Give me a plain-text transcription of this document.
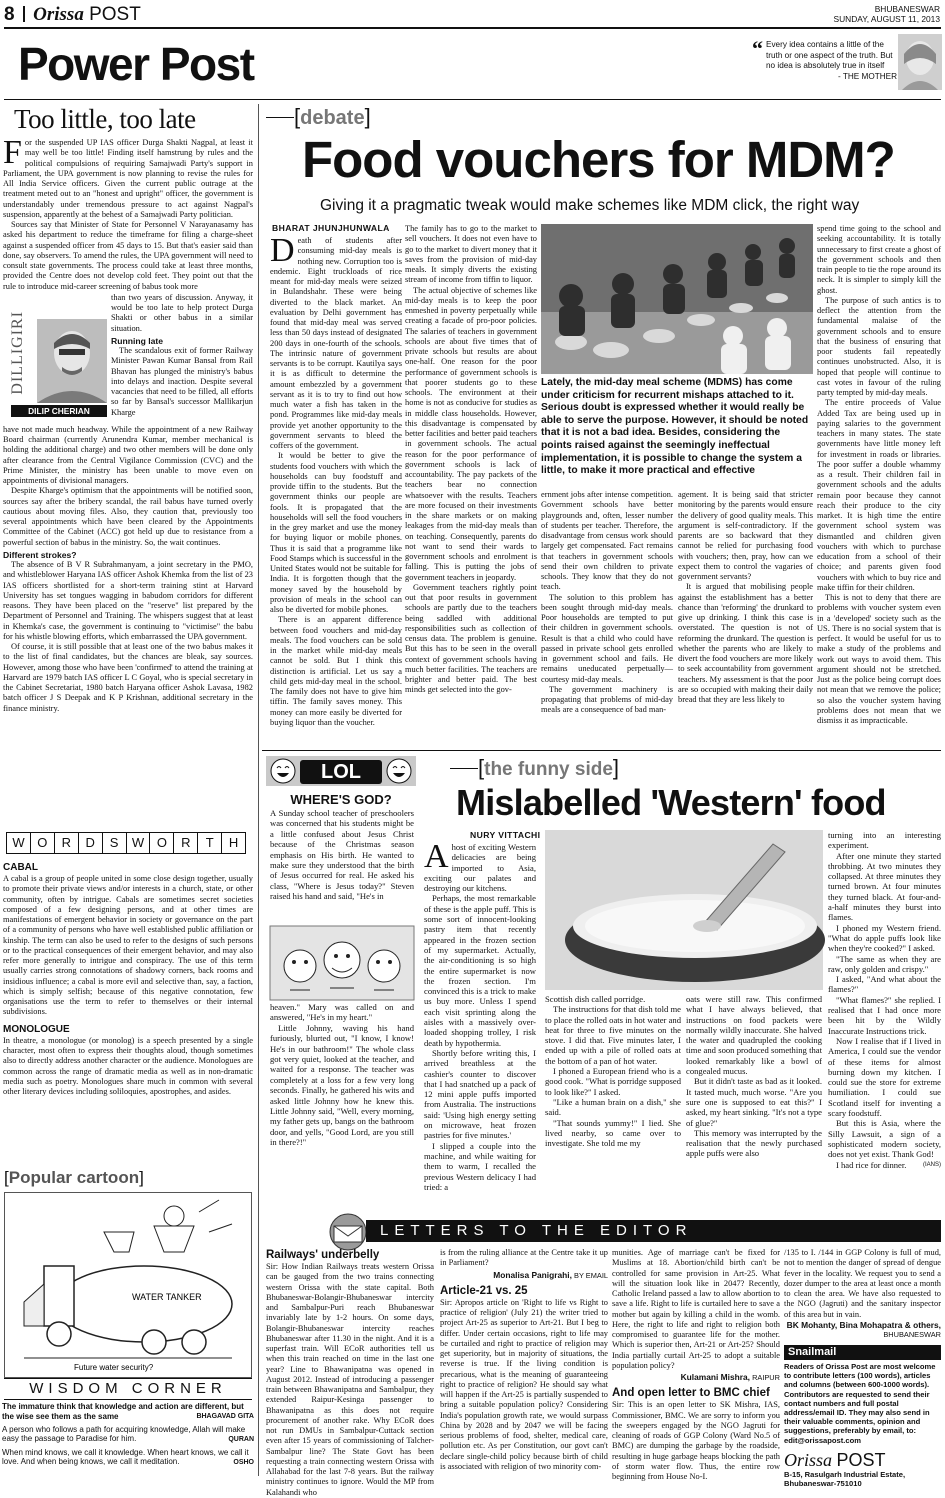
8 Orissa POST	BHUBANESWAR
SUNDAY, AUGUST 11, 2013
Power Post	“ Every idea contains a little of the truth or one aspect of the truth. But no idea is absolutely true in itself
- THE MOTHER
Too little, too late

For the suspended UP IAS officer Durga Shakti Nagpal, at least it may well be too little! Finding itself hamstrung by rules and the political compulsions of requiring Samajwadi Party's support in Parliament, the UPA government is now planning to revise the rules for All India Service officers. Given the current public outrage at the treatment meted out to an "honest and upright" officer, the government is understandably under tremendous pressure to act against Nagpal's suspension, apparently at the behest of a Samajwadi Party politician.

Sources say that Minister of State for Personnel V Narayanasamy has asked his department to reduce the timeframe for filing a charge-sheet against a suspended officer from 45 days to 15. But that's easier said than done, say observers. To amend the rules, the UPA government will need to consult state governments. The process could take at least three months, provided the Centre does not develop cold feet. They point out that the rule to introduce mid-career screening of babus took more

DILLIGIRI
DILIP CHERIAN

than two years of discussion. Anyway, it would be too late to help protect Durga Shakti or other babus in a similar situation.

Running late

The scandalous exit of former Railway Minister Pawan Kumar Bansal from Rail Bhavan has plunged the ministry's babus into delays and inaction. Despite several vacancies that need to be filled, all efforts so far by Bansal's successor Mallikarjun Kharge

have not made much headway. While the appointment of a new Railway Board chairman (currently Arunendra Kumar, member mechanical is holding the additional charge) and two other members will be done only after clearance from the Central Vigilance Commission (CVC) and the Prime Minister, the ministry has been unable to move even on appointments of divisional managers.

Despite Kharge's optimism that the appointments will be notified soon, sources say after the bribery scandal, the rail babus have turned overly cautious about moving files. Also, they caution that, previously too several appointments which have been cleared by the Appointments Committee of the Cabinet (ACC) got held up due to resistance from a powerful section of babus in the ministry. So, the wait continues.

Different strokes?

The absence of B V R Subrahmanyam, a joint secretary in the PMO, and whistleblower Haryana IAS officer Ashok Khemka from the list of 23 IAS officers shortlisted for a short-term training stint at Harvard University has set tongues wagging in babudom corridors for different reasons. They have been placed on the "reserve" list prepared by the Department of Personnel and Training. The whispers suggest that at least in Khemka's case, the government is continuing to "victimise" the babu for his whistle blowing efforts, which embarrassed the UPA government.

Of course, it is still possible that at least one of the two babus makes it to the list of final candidates, but the chances are bleak, say sources. However, among those who have been 'confirmed' to attend the training at Harvard are 1979 batch IAS officer L C Goyal, who is special secretary in the Cabinet Secretariat, 1980 batch Haryana officer Ashok Lavasa, 1982 batch officer J S Deepak and K P Krishnan, additional secretary in the finance ministry.

W O	R	D	S	W O	R	T	H
CABAL

A cabal is a group of people united in some close design together, usually to promote their private views and/or interests in a church, state, or other community, often by intrigue. Cabals are sometimes secret societies composed of a few designing persons, and at other times are manifestations of emergent behavior in society or governance on the part of a community of persons who have well established public affiliation or kinship. The term can also be used to refer to the designs of such persons or to the practical consequences of their emergent behavior, and may also refer more generally to intrigue and conspiracy. The use of this term usually carries strong connotations of shadowy corners, back rooms and insidious influence; a cabal is more evil and selective than, say, a faction, which is simply selfish; because of this negative connotation, few organisations use the term to refer to themselves or their internal subdivisions.

MONOLOGUE

In theatre, a monologue (or monolog) is a speech presented by a single character, most often to express their thoughts aloud, though sometimes also to directly address another character or the audience. Monologues are common across the range of dramatic media as well as in non-dramatic media such as poetry. Monologues share much in common with several other literary devices including soliloquies, apostrophes, and asides.

[Popular cartoon]
WATER TANKER
Future water security?
WISDOM CORNER
The immature think that knowledge and action are different, but the wise see them as the same	BHAGAVAD GITA
A person who follows a path for acquiring knowledge, Allah will make easy the passage to Paradise for him.	QURAN
When mind knows, we call it knowledge. When heart knows, we call it love. And when being knows, we call it meditation.	OSHO
[debate]
Food vouchers for MDM?
Giving it a pragmatic tweak would make schemes like MDM click, the right way
BHARAT JHUNJHUNWALA

Death of students after consuming mid-day meals is nothing new. Corruption too is endemic. Eight truckloads of rice meant for mid-day meals were seized in Bulandshahr. These were being diverted to the black market. An evaluation by Delhi government has found that mid-day meal was served less than 50 days instead of designated 200 days in one-fourth of the schools. The intrinsic nature of government servants is to be corrupt. Kautilya says it is as difficult to determine the amount embezzled by a government servant as it is to try to find out how much water a fish has taken in the pond. Programmes like mid-day meals provide yet another opportunity to the government servants to bleed the coffers of the government.

It would be better to give the students food vouchers with which the households can buy foodstuff and provide tiffin to the students. But the government thinks our people are fools. It is propagated that the households will sell the food vouchers in the grey market and use the money for buying liquor or mobile phones. Thus it is said that a programme like Food Stamps which is successful in the United States would not be suitable for India. It is forgotten though that the money saved by the household by provision of meals in the school can also be diverted for mobile phones.

There is an apparent difference between food vouchers and mid-day meals. The food vouchers can be sold in the market while mid-day meals cannot be sold. But I think this distinction is artificial. Let us say a child gets mid-day meal in the school. The family does not have to give him tiffin. The family saves money. This money can more easily be diverted for buying liquor than the voucher.

The family has to go to the market to sell vouchers. It does not even have to go to the market to divert money that it saves from the provision of mid-day meals. It simply diverts the existing stream of income from tiffin to liquor.

The actual objective of schemes like mid-day meals is to keep the poor enmeshed in poverty perpetually while creating a facade of pro-poor policies. The salaries of teachers in government schools are about five times that of private schools but results are about one-half. One reason for the poor performance of government schools is that poorer students go to these schools. The environment at their home is not as conducive for studies as in middle class households. However, this disadvantage is compensated by better facilities and better paid teachers in government schools. The actual reason for the poor performance of government schools is lack of accountability. The pay packets of the teachers bear no connection whatsoever with the results. Teachers are more focused on their investments in the share markets or on making leakages from the mid-day meals than on teaching. Consequently, parents do not want to send their wards to government schools and enrolment is falling. This is putting the jobs of government teachers in jeopardy.

Government teachers rightly point out that poor results in government schools are partly due to the teachers being saddled with additional responsibilities such as collection of census data. The problem is genuine. But this has to be seen in the overall context of government schools having much better facilities. The teachers are brighter and better paid. The best minds get selected into the gov-

Lately, the mid-day meal scheme (MDMS) has come under criticism for recurrent mishaps attached to it. Serious doubt is expressed whether it would really be able to serve the purpose. However, it should be noted that it is not a bad idea. Besides, considering the points raised against the seemingly ineffectual implementation, it is possible to change the system a little, to make it more practical and effective

ernment jobs after intense competition. Government schools have better playgrounds and, often, lesser number of students per teacher. Therefore, the disadvantage from census work should largely get compensated. Fact remains that teachers in government schools send their own children to private schools. They know that they do not teach.

The solution to this problem has been sought through mid-day meals. Poor households are tempted to put their children in government schools. Result is that a child who could have passed in private school gets enrolled in government school and fails. He remains uneducated perpetually—courtesy mid-day meals.

The government machinery is propagating that problems of mid-day meals are a consequence of bad man-

agement. It is being said that stricter monitoring by the parents would ensure the delivery of good quality meals. This argument is self-contradictory. If the parents are so backward that they cannot be relied for purchasing food with vouchers; then, pray, how can we expect them to control the vagaries of government servants?

It is argued that mobilising people against the establishment has a better chance than 'reforming' the drunkard to give up drinking. I think this case is overstated. The question is not of reforming the drunkard. The question is whether the parents who are likely to divert the food vouchers are more likely to seek accountability from government teachers. My assessment is that the poor are so occupied with making their daily bread that they are less likely to

spend time going to the school and seeking accountability. It is totally unnecessary to first create a ghost of the government schools and then train people to tie the rope around its neck. It is simpler to simply kill the ghost.

The purpose of such antics is to deflect the attention from the fundamental malaise of the government schools and to ensure that the business of ensuring that poor students fail repeatedly continues unobstructed. Also, it is hoped that people will continue to cast votes in favour of the ruling party tempted by mid-day meals.

The entire proceeds of Value Added Tax are being used up in paying salaries to the government teachers in many states. The state governments have little money left for investment in roads or libraries. The poor suffer a double whammy as a result. Their children fail in government schools and the adults remain poor because they cannot reach their produce to the city market. It is high time the entire government school system was dismantled and children given vouchers with which to purchase education from a school of their choice; and parents given food vouchers with which to buy rice and make tiffin for their children.

This is not to deny that there are problems with voucher system even in a 'developed' society such as the US. There is no social system that is perfect. It would be useful for us to make a study of the problems and work out ways to avoid them. This argument should not be stretched. Just as the police being corrupt does not mean that we remove the police; so also the voucher system having problems does not mean that we dismiss it as impracticable.

LOL
WHERE'S GOD?

A Sunday school teacher of preschoolers was concerned that his students might be a little confused about Jesus Christ because of the Christmas season emphasis on His birth. He wanted to make sure they understood that the birth of Jesus occurred for real. He asked his class, "Where is Jesus today?" Steven raised his hand and said, "He's in

heaven." Mary was called on and answered, "He's in my heart."

Little Johnny, waving his hand furiously, blurted out, "I know, I know! He's in our bathroom!" The whole class got very quiet, looked at the teacher, and waited for a response. The teacher was completely at a loss for a few very long seconds. Finally, he gathered his wits and asked little Johnny how he knew this. Little Johnny said, "Well, every morning, my father gets up, bangs on the bathroom door, and yells, "Good Lord, are you still in there?!"

[the funny side]
Mislabelled 'Western' food
NURY VITTACHI

Ahost of exciting Western delicacies are being imported to Asia, exciting our palates and destroying our kitchens.

Perhaps, the most remarkable of these is the apple puff. This is some sort of innocent-looking pastry item that recently appeared in the frozen section of my supermarket. Actually, the air-conditioning is so high the entire supermarket is now the frozen section. I'm convinced this is a trick to make us buy more. Unless I spend each visit sprinting along the aisles with a massively over-loaded shopping trolley, I risk death by hypothermia.

Shortly before writing this, I arrived breathless at the cashier's counter to discover that I had snatched up a pack of 12 mini apple puffs imported from Australia. The instructions said: 'Using high energy setting on microwave, heat frozen pastries for five minutes.'

I slipped a couple into the machine, and while waiting for them to warm, I recalled the previous Western delicacy I had tried: a

Scottish dish called porridge.

The instructions for that dish told me to place the rolled oats in hot water and heat for three to five minutes on the stove. I did that. Five minutes later, I ended up with a pile of rolled oats at the bottom of a pan of hot water.

I phoned a European friend who is a good cook. "What is porridge supposed to look like?" I asked.

"Like a human brain on a dish," she said.

"That sounds yummy!" I lied. She lived nearby, so came over to investigate. She told me my

oats were still raw. This confirmed what I have always believed, that instructions on food packets were normally wildly inaccurate. She halved the water and quadrupled the cooking time and soon produced something that looked remarkably like a bowl of congealed mucus.

But it didn't taste as bad as it looked. It tasted much, much worse. "Are you sure one is supposed to eat this?" I asked, my heart sinking. "It's not a type of glue?"

This memory was interrupted by the realisation that the newly purchased apple puffs were also

turning into an interesting experiment.

After one minute they started throbbing. At two minutes they collapsed. At three minutes they turned brown. At four minutes they turned black. At four-and-a-half minutes they burst into flames.

I phoned my Western friend. "What do apple puffs look like when they're cooked?" I asked.

"The same as when they are raw, only golden and crispy."

I asked, "And what about the flames?"

"What flames?" she replied. I realised that I had once more been hit by the Wildly Inaccurate Instructions trick.

Now I realise that if I lived in America, I could sue the vendor of these items for almost burning down my kitchen. I could sue the store for extreme humiliation. I could sue Scotland itself for inventing a scary foodstuff.

But this is Asia, where the Silly Lawsuit, a sign of a sophisticated modern society, does not yet exist. Thank God!

I had rice for dinner.	(IANS)

LETTERS TO THE EDITOR
Railways' underbelly

Sir: How Indian Railways treats western Orissa can be gauged from the two trains connecting western Orissa with the state capital. Both Bhubaneswar-Bolangir-Bhubaneswar intercity and Sambalpur-Puri reach Bhubaneswar invariably late by 1-2 hours. On some days, Bolangir-Bhubaneswar intercity reaches Bhubaneswar after 11.30 in the night. And it is a superfast train. Will ECoR authorities tell us when this train reached on time in the last one year? Line to Bhawanipatna was opened in August 2012. Instead of introducing a passenger train between Bhawanipatna and Sambalpur, they extended Raipur-Kesinga passenger to Bhawanipatna as this does not require procurement of another rake. Why ECoR does not run DMUs in Sambalpur-Cuttack section even after 15 years of commissioning of Talcher-Sambalpur line? The State Govt has been requesting a train connecting western Orissa with Allahabad for the last 7-8 years. But the railway ministry continues to ignore. Would the MP from Kalahandi who

is from the ruling alliance at the Centre take it up in Parliament?

Monalisa Panigrahi, BY EMAIL
Article-21 vs. 25

Sir: Apropos article on 'Right to life vs Right to practice of religion' (July 21) the writer tried to project Art-25 as superior to Art-21. But I beg to differ. Under certain occasions, right to life may be curtailed and right to practice of religion may get superiority, but in majority of situations, the reverse is true. If the living condition is precarious, what is the meaning of guaranteeing right to practice of religion? He should say what will happen if the Art-25 is partially suspended to bring a suitable population policy? Considering India's population growth rate, we would surpass China by 2028 and by 2047 we will be facing serious problems of food, shelter, medical care, pollution etc. As per Constitution, our govt can't declare single-child policy because birth of child is associated with religion of two minority com-

munities. Age of marriage can't be fixed for Muslims at 18. Abortion/child birth can't be controlled for same provision in Art-25. What will the situation look like in 2047? Recently, Catholic Ireland passed a law to allow abortion to save a life. Right to life is curtailed here to save a mother but again by killing a child in the womb. Here, the right to life and right to religion both compromised to guarantee life for the mother. Which is superior then, Art-21 or Art-25? Should India partially curtail Art-25 to adopt a suitable population policy?

Kulamani Mishra, RAIPUR
And open letter to BMC chief

Sir: This is an open letter to SK Mishra, IAS, Commissioner, BMC. We are sorry to inform you the sweepers engaged by the NGO Jagruti for cleaning of roads of GGP Colony (Ward No.5 of BMC) are dumping the garbage by the roadside, resulting in huge garbage heaps blocking the path of storm water flow. Thus, the entire row beginning from House No-I.

/135 to I. /144 in GGP Colony is full of mud, not to mention the danger of spread of dengue fever in the locality. We request you to send a dozer dumper to the area at least once a month to clean the area. We have also requested to the NGO (Jagruti) and the sanitary inspector of this area but in vain.

BK Mohanty, Bina Mohapatra & others,
BHUBANESWAR
Snailmail
Readers of Orissa Post are most welcome to contribute letters (100 words), articles and columns (between 600-1000 words). Contributors are requested to send their contact numbers and full postal address/email ID. They may also send in their valuable comments, opinion and suggestions, preferably by email, to: edit@orissapost.com
Orissa POST
B-15, Rasulgarh Industrial Estate,
Bhubaneswar-751010
